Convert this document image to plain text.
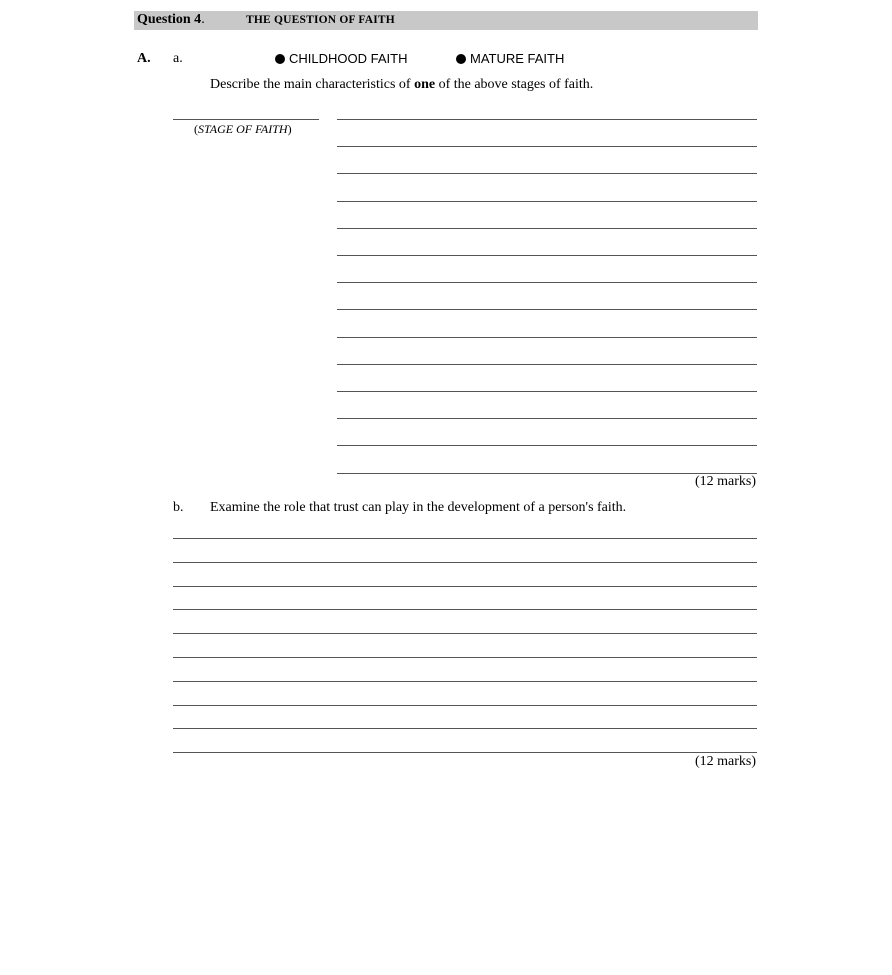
Question 4.	THE QUESTION OF FAITH
A. a.	CHILDHOOD FAITH	MATURE FAITH
Describe the main characteristics of one of the above stages of faith.
(STAGE OF FAITH)
(12 marks)
b. Examine the role that trust can play in the development of a person's faith.
(12 marks)
